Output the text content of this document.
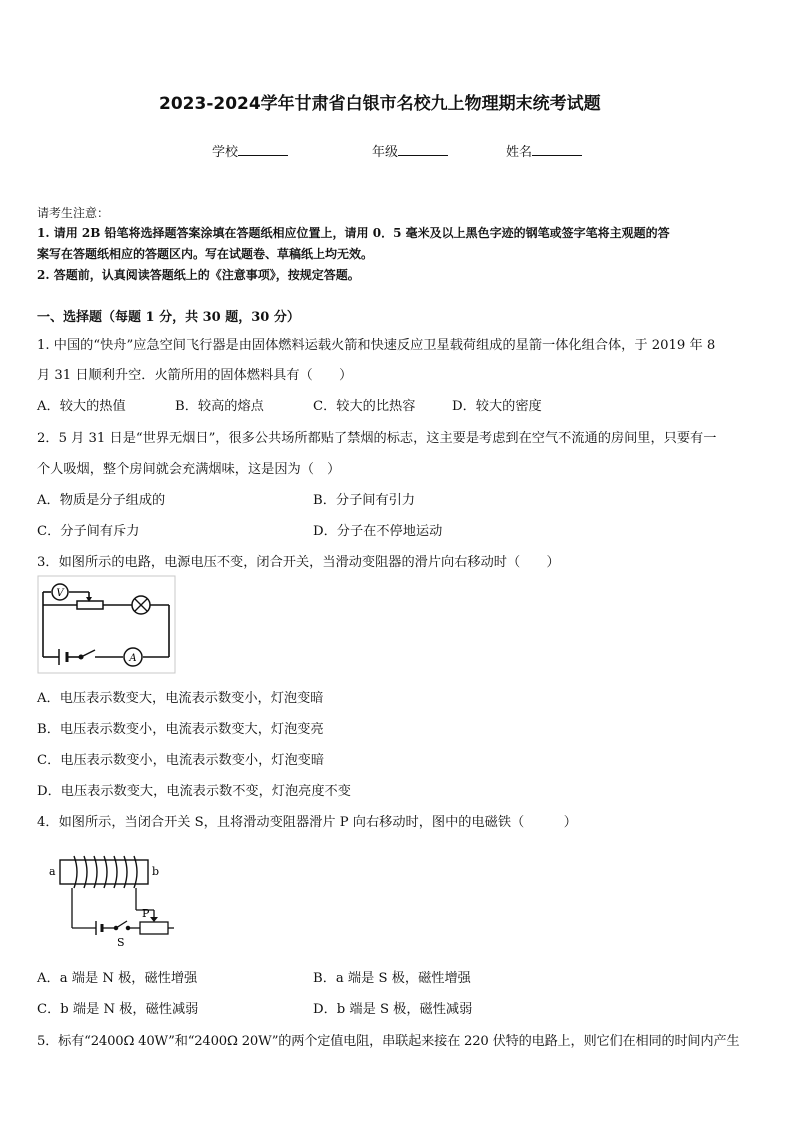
2023-2024学年甘肃省白银市名校九上物理期末统考试题
学校	年级	姓名
请考生注意：
1. 请用 2B 铅笔将选择题答案涂填在答题纸相应位置上，请用 0．5 毫米及以上黑色字迹的钢笔或签字笔将主观题的答
案写在答题纸相应的答题区内。写在试题卷、草稿纸上均无效。
2. 答题前，认真阅读答题纸上的《注意事项》，按规定答题。
一、选择题（每题 1 分，共 30 题，30 分）
1. 中国的“快舟”应急空间飞行器是由固体燃料运载火箭和快速反应卫星载荷组成的星箭一体化组合体，于 2019 年 8
月 31 日顺利升空．火箭所用的固体燃料具有（　　）
A．较大的热值	B．较高的熔点	C．较大的比热容	D．较大的密度
2．5 月 31 日是“世界无烟日”，很多公共场所都贴了禁烟的标志，这主要是考虑到在空气不流通的房间里，只要有一
个人吸烟，整个房间就会充满烟味，这是因为（　）
A．物质是分子组成的	B．分子间有引力
C．分子间有斥力	D．分子在不停地运动
3．如图所示的电路，电源电压不变，闭合开关，当滑动变阻器的滑片向右移动时（　　）
V
A
A．电压表示数变大，电流表示数变小，灯泡变暗
B．电压表示数变小，电流表示数变大，灯泡变亮
C．电压表示数变小，电流表示数变小，灯泡变暗
D．电压表示数变大，电流表示数不变，灯泡亮度不变
4．如图所示，当闭合开关 S，且将滑动变阻器滑片 P 向右移动时，图中的电磁铁（　　　）
a	b
S
P
A．a 端是 N 极，磁性增强	B．a 端是 S 极，磁性增强
C．b 端是 N 极，磁性减弱	D．b 端是 S 极，磁性减弱
5．标有“2400Ω 40W”和“2400Ω 20W”的两个定值电阻，串联起来接在 220 伏特的电路上，则它们在相同的时间内产生
